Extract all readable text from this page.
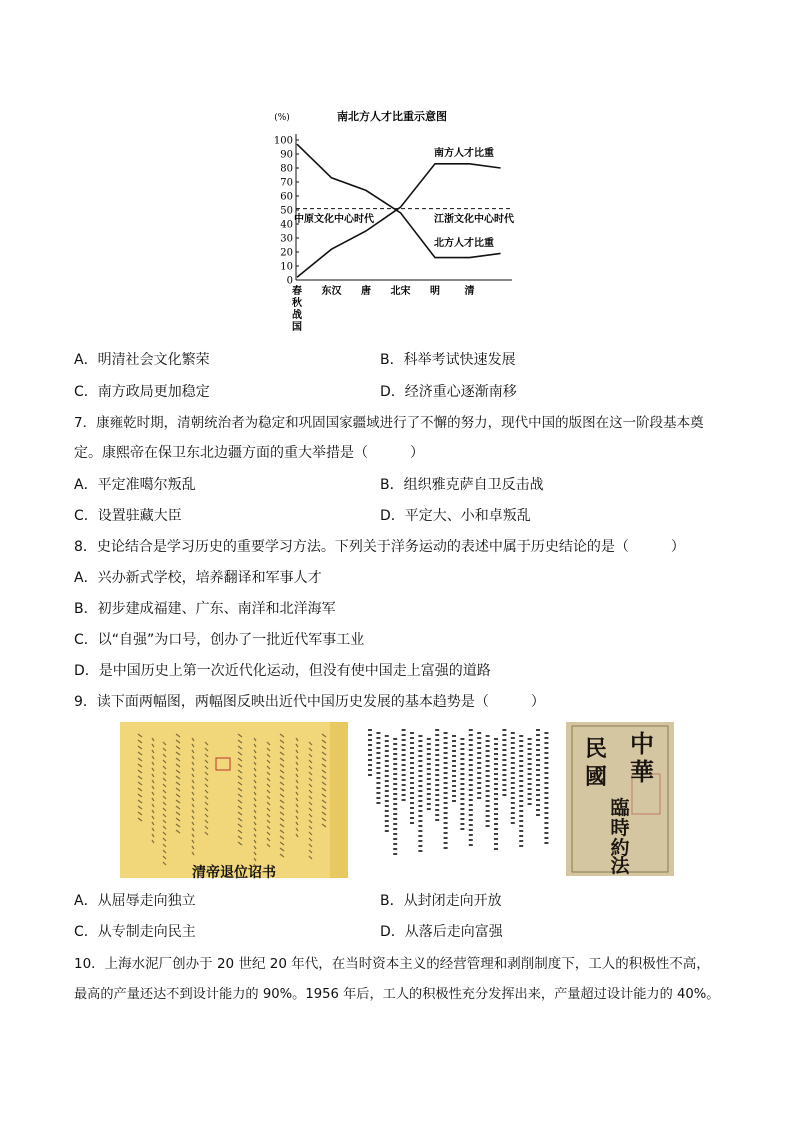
南北方人才比重示意图
(%)
0
10
20
30
40
50
60
70
80
90
100
春
秋
战
国
东汉 唐 北宋 明 清
南方人才比重
北方人才比重
中原文化中心时代	江浙文化中心时代
A．明清社会文化繁荣	B．科举考试快速发展
C．南方政局更加稳定	D．经济重心逐渐南移
7．康雍乾时期，清朝统治者为稳定和巩固国家疆域进行了不懈的努力，现代中国的版图在这一阶段基本奠
定。康熙帝在保卫东北边疆方面的重大举措是（　　　）
A．平定准噶尔叛乱	B．组织雅克萨自卫反击战
C．设置驻藏大臣	D．平定大、小和卓叛乱
8．史论结合是学习历史的重要学习方法。下列关于洋务运动的表述中属于历史结论的是（　　　）
A．兴办新式学校，培养翻译和军事人才
B．初步建成福建、广东、南洋和北洋海军
C．以“自强”为口号，创办了一批近代军事工业
D．是中国历史上第一次近代化运动，但没有使中国走上富强的道路
9．读下面两幅图，两幅图反映出近代中国历史发展的基本趋势是（　　　）
清帝退位诏书
中
華
民
國
臨
時
約
法
A．从屈辱走向独立	B．从封闭走向开放
C．从专制走向民主	D．从落后走向富强
10．上海水泥厂创办于 20 世纪 20 年代，在当时资本主义的经营管理和剥削制度下，工人的积极性不高，
最高的产量还达不到设计能力的 90%。1956 年后，工人的积极性充分发挥出来，产量超过设计能力的 40%。
